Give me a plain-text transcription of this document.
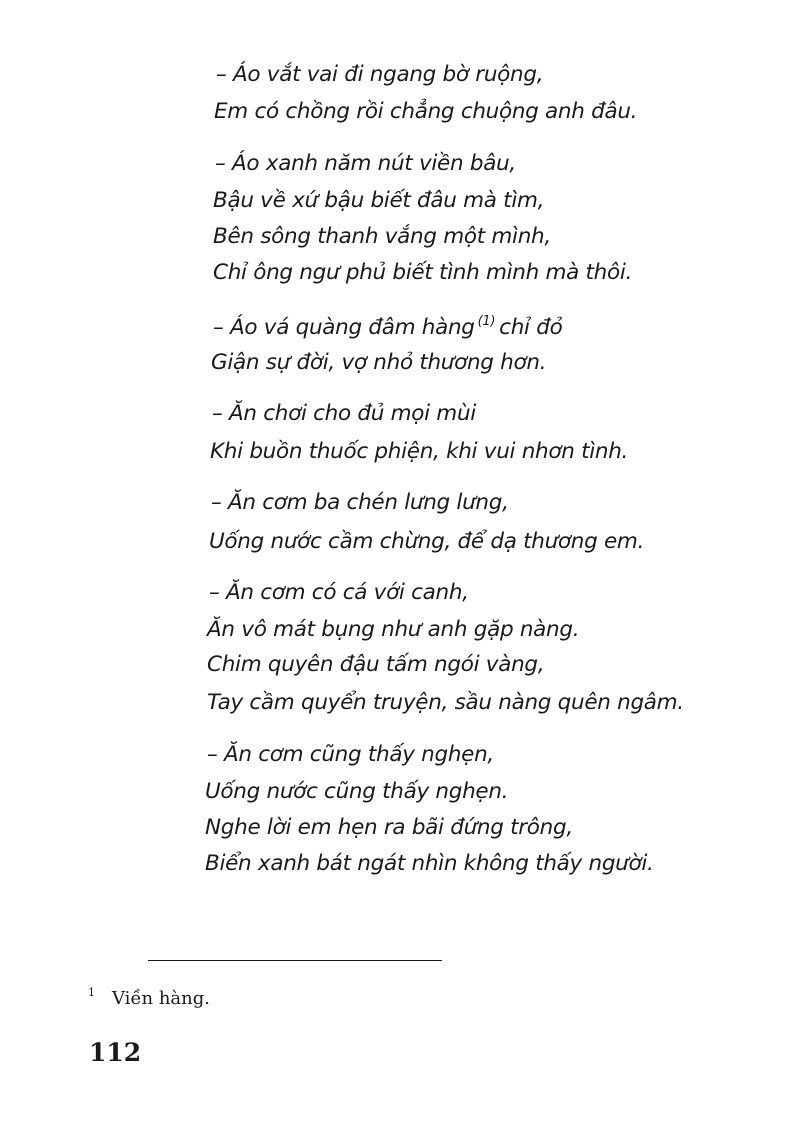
– Áo vắt vai đi ngang bờ ruộng,
Em có chồng rồi chẳng chuộng anh đâu.
– Áo xanh năm nút viền bâu,
Bậu về xứ bậu biết đâu mà tìm,
Bên sông thanh vắng một mình,
Chỉ ông ngư phủ biết tình mình mà thôi.
– Áo vá quàng đâm hàng $^{(1)}$ chỉ đỏ
Giận sự đời, vợ nhỏ thương hơn.
– Ăn chơi cho đủ mọi mùi
Khi buồn thuốc phiện, khi vui nhơn tình.
– Ăn cơm ba chén lưng lưng,
Uống nước cầm chừng, để dạ thương em.
– Ăn cơm có cá với canh,
Ăn vô mát bụng như anh gặp nàng.
Chim quyên đậu tấm ngói vàng,
Tay cầm quyển truyện, sầu nàng quên ngâm.
– Ăn cơm cũng thấy nghẹn,
Uống nước cũng thấy nghẹn.
Nghe lời em hẹn ra bãi đứng trông,
Biển xanh bát ngát nhìn không thấy người.
$^1$ Viền hàng.
112
